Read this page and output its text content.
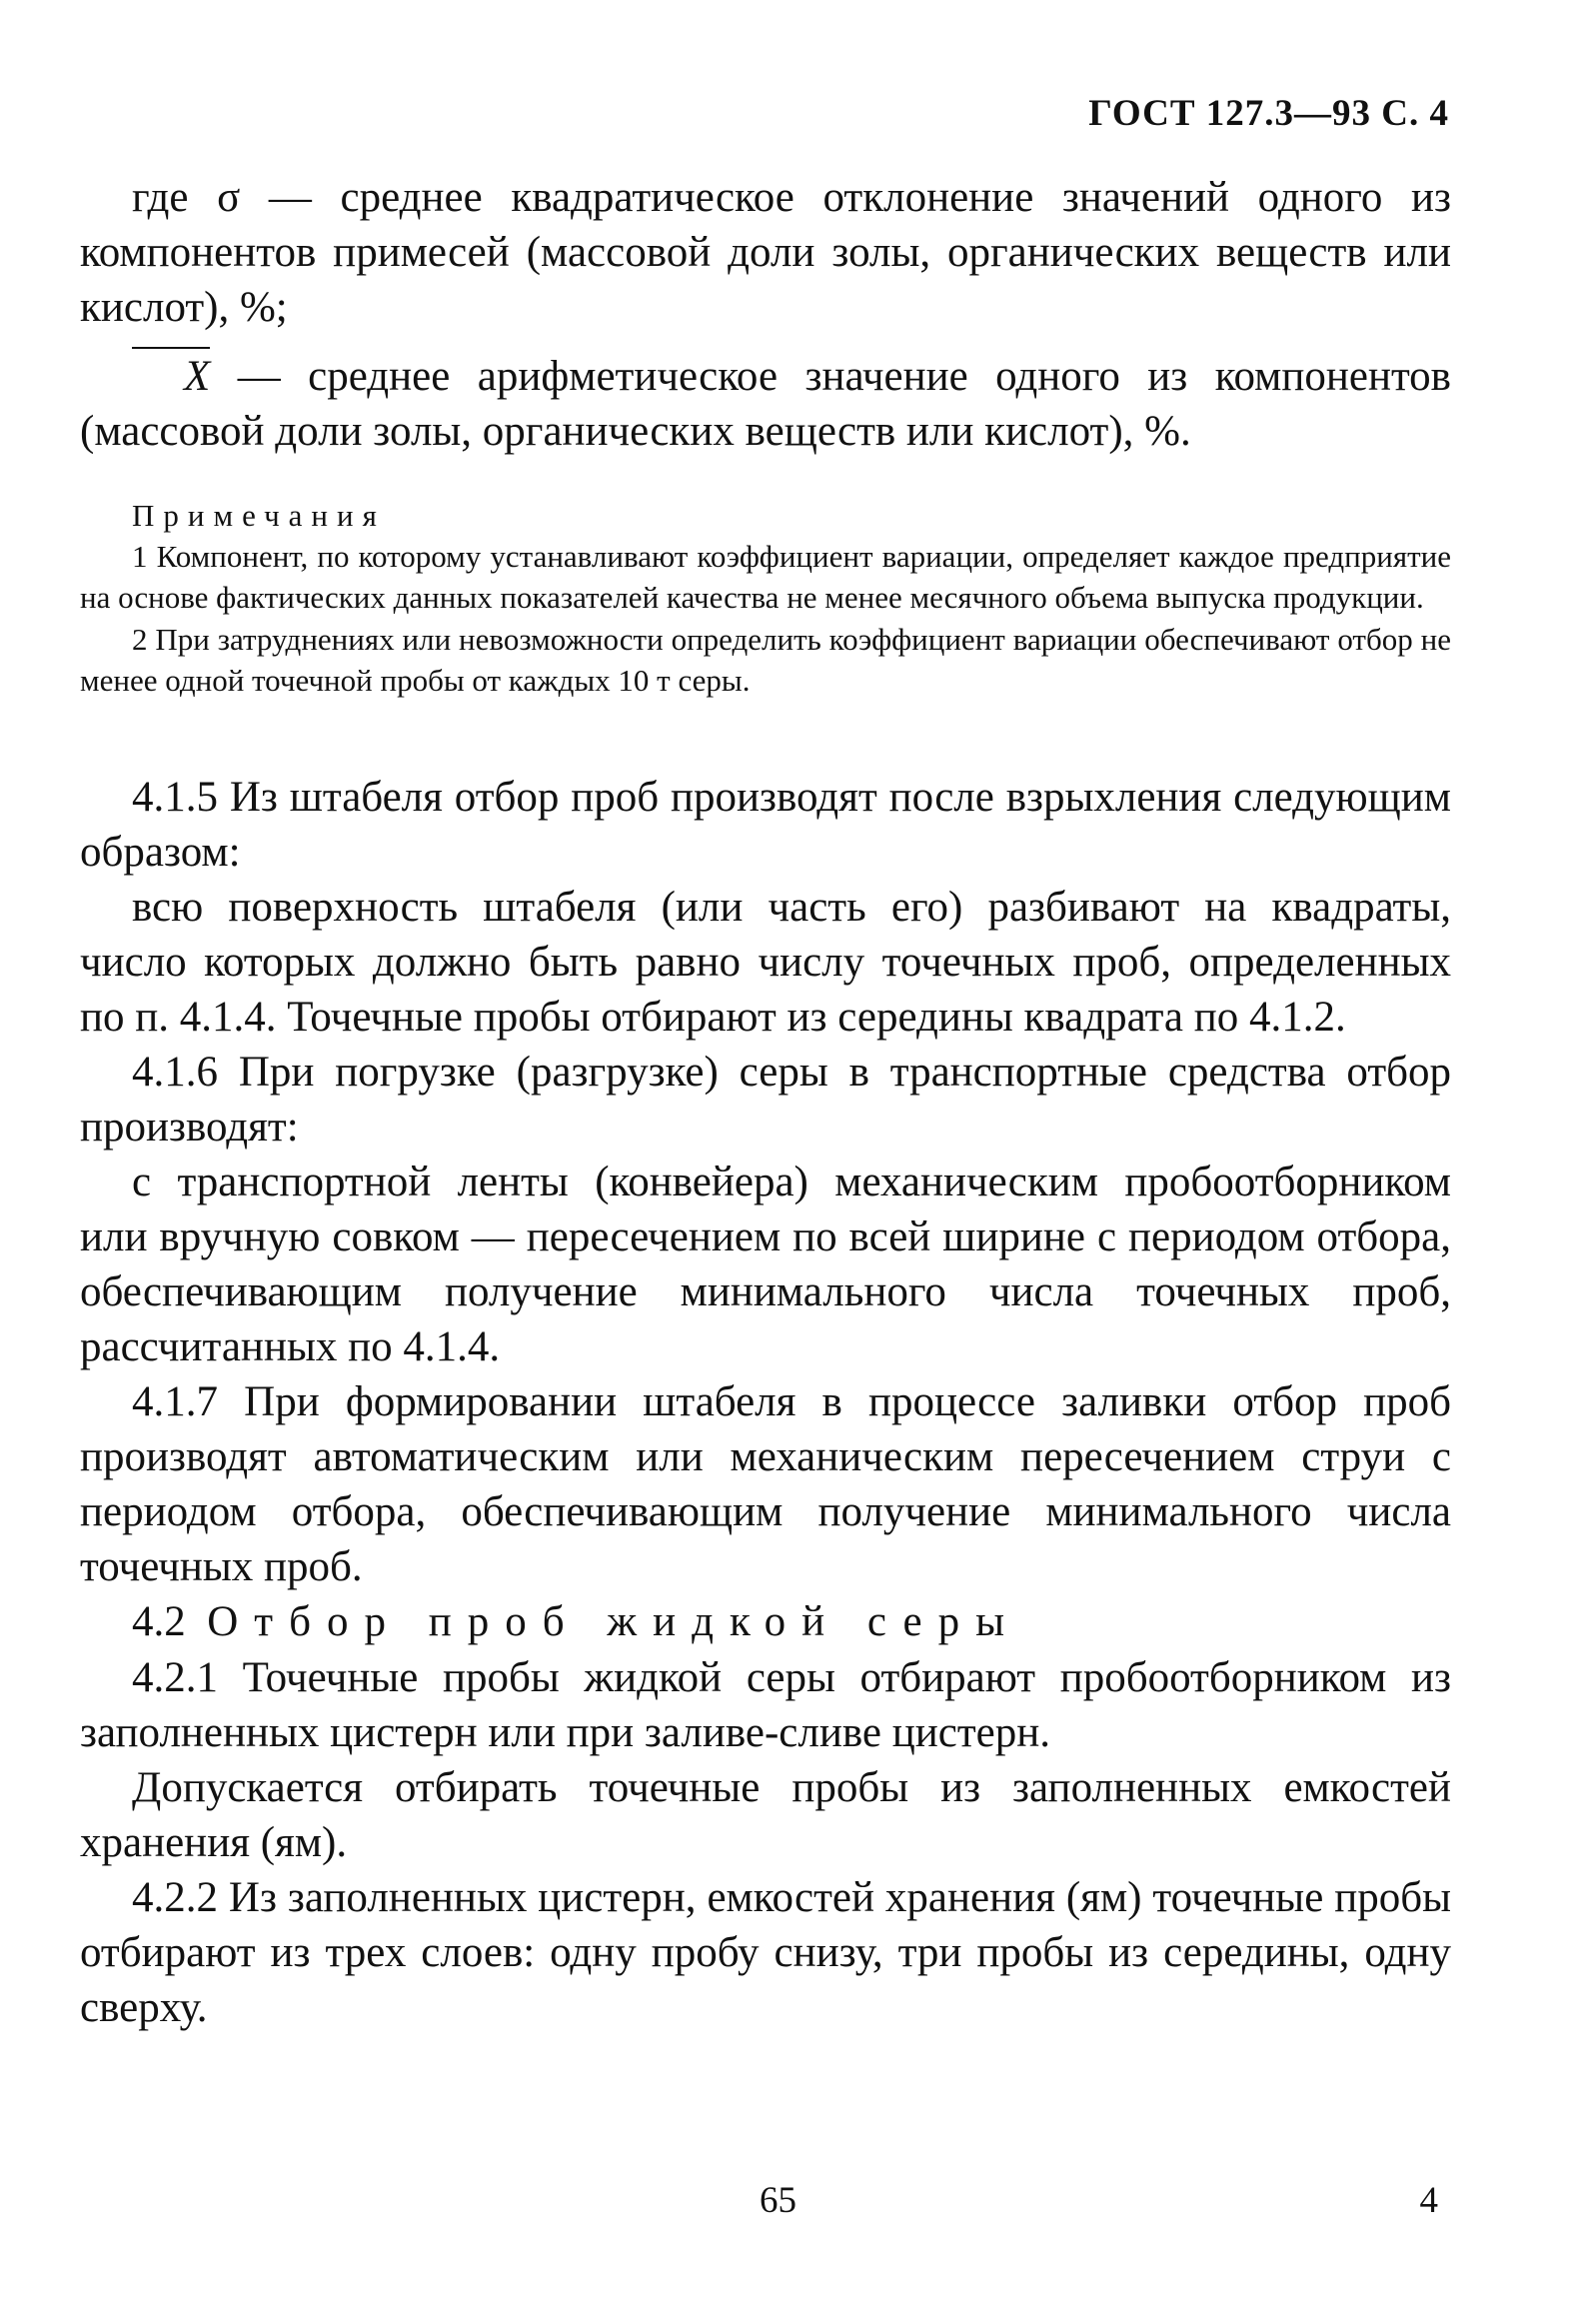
ГОСТ 127.3—93 С. 4

где σ — среднее квадратическое отклонение значений одного из компонентов примесей (массовой доли золы, органических веществ или кислот), %;

X — среднее арифметическое значение одного из компонентов (массовой доли золы, органических веществ или кислот), %.

Примечания

1 Компонент, по которому устанавливают коэффициент вариации, определяет каждое предприятие на основе фактических данных показателей качества не менее месячного объема выпуска продукции.

2 При затруднениях или невозможности определить коэффициент вариации обеспечивают отбор не менее одной точечной пробы от каждых 10 т серы.

4.1.5 Из штабеля отбор проб производят после взрыхления следующим образом:

всю поверхность штабеля (или часть его) разбивают на квадраты, число которых должно быть равно числу точечных проб, определенных по п. 4.1.4. Точечные пробы отбирают из середины квадрата по 4.1.2.

4.1.6 При погрузке (разгрузке) серы в транспортные средства отбор производят:

с транспортной ленты (конвейера) механическим пробоотборником или вручную совком — пересечением по всей ширине с периодом отбора, обеспечивающим получение минимального числа точечных проб, рассчитанных по 4.1.4.

4.1.7 При формировании штабеля в процессе заливки отбор проб производят автоматическим или механическим пересечением струи с периодом отбора, обеспечивающим получение минимального числа точечных проб.

4.2 Отбор проб жидкой серы

4.2.1 Точечные пробы жидкой серы отбирают пробоотборником из заполненных цистерн или при заливе-сливе цистерн.

Допускается отбирать точечные пробы из заполненных емкостей хранения (ям).

4.2.2 Из заполненных цистерн, емкостей хранения (ям) точечные пробы отбирают из трех слоев: одну пробу снизу, три пробы из середины, одну сверху.

65	4
